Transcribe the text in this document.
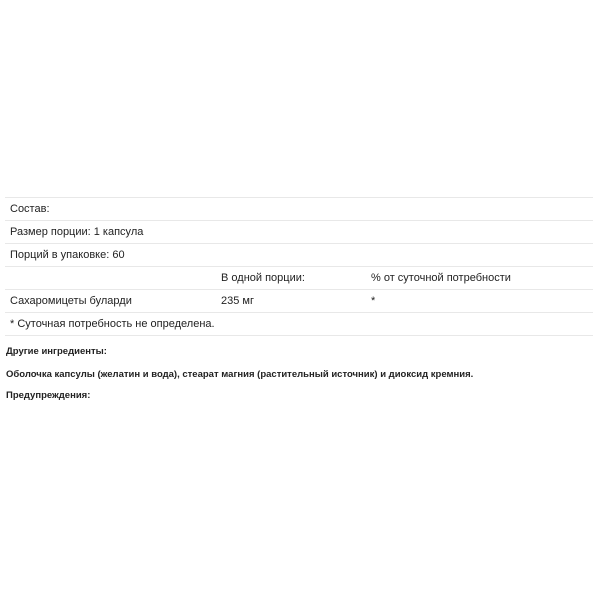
Состав:		
Размер порции: 1 капсула		
Порций в упаковке: 60		
	В одной порции:	% от суточной потребности
Сахаромицеты буларди	235 мг	*
* Суточная потребность не определена.		
Другие ингредиенты:
Оболочка капсулы (желатин и вода), стеарат магния (растительный источник) и диоксид кремния.
Предупреждения:
